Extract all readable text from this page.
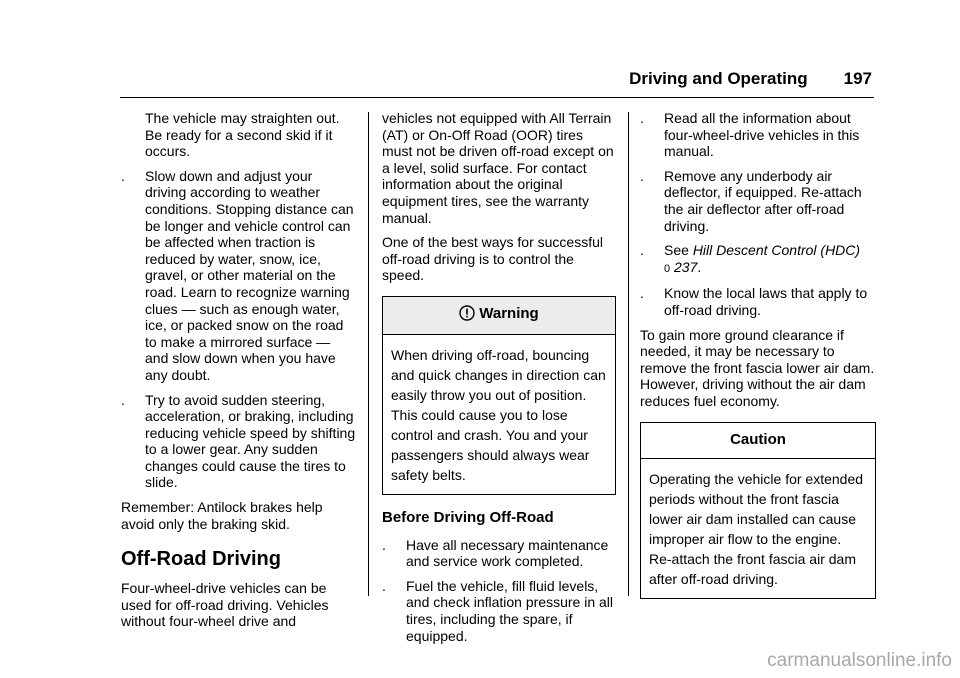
Driving and Operating 197

The vehicle may straighten out. Be ready for a second skid if it occurs.

. Slow down and adjust your driving according to weather conditions. Stopping distance can be longer and vehicle control can be affected when traction is reduced by water, snow, ice, gravel, or other material on the road. Learn to recognize warning clues — such as enough water, ice, or packed snow on the road to make a mirrored surface — and slow down when you have any doubt.
. Try to avoid sudden steering, acceleration, or braking, including reducing vehicle speed by shifting to a lower gear. Any sudden changes could cause the tires to slide.

Remember: Antilock brakes help avoid only the braking skid.

Off-Road Driving

Four-wheel-drive vehicles can be used for off-road driving. Vehicles without four-wheel drive and

vehicles not equipped with All Terrain (AT) or On-Off Road (OOR) tires must not be driven off-road except on a level, solid surface. For contact information about the original equipment tires, see the warranty manual.

One of the best ways for successful off-road driving is to control the speed.

Warning
When driving off-road, bouncing and quick changes in direction can easily throw you out of position. This could cause you to lose control and crash. You and your passengers should always wear safety belts.
Before Driving Off-Road
. Have all necessary maintenance and service work completed.
. Fuel the vehicle, fill fluid levels, and check inflation pressure in all tires, including the spare, if equipped.
. Read all the information about four-wheel-drive vehicles in this manual.
. Remove any underbody air deflector, if equipped. Re-attach the air deflector after off-road driving.
. See Hill Descent Control (HDC)
0 237.
. Know the local laws that apply to off-road driving.

To gain more ground clearance if needed, it may be necessary to remove the front fascia lower air dam. However, driving without the air dam reduces fuel economy.

Caution
Operating the vehicle for extended periods without the front fascia lower air dam installed can cause improper air flow to the engine. Re-attach the front fascia air dam after off-road driving.
carmanualsonline.info
